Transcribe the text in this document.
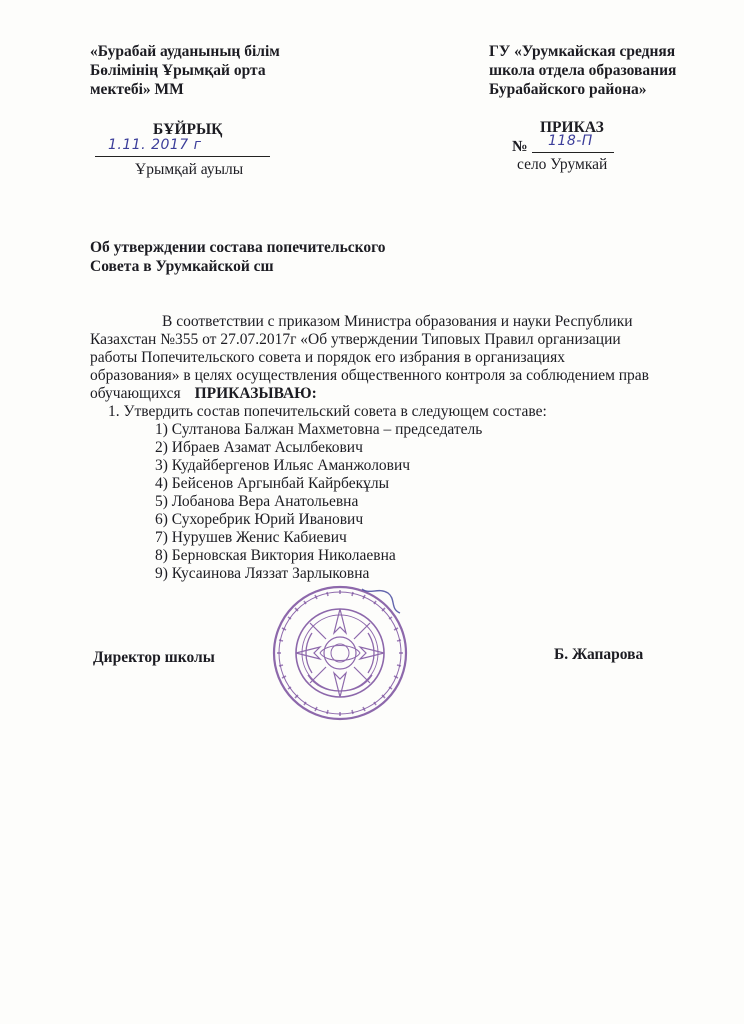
«Бурабай ауданының білім
Бөлімінің Ұрымқай орта
мектебі» ММ
ГУ «Урумкайская средняя
школа отдела образования
Бурабайского района»
БҰЙРЫҚ
1.11. 2017 г
Ұрымқай ауылы
ПРИКАЗ
№ 118-П
село Урумкай
Об утверждении состава попечительского
Совета в Урумкайской сш

В соответствии с приказом Министра образования и науки Республики

Казахстан №355 от 27.07.2017г «Об утверждении Типовых Правил организации

работы Попечительского совета и порядок его избрания в организациях

образования» в целях осуществления общественного контроля за соблюдением прав

обучающихся ПРИКАЗЫВАЮ:

1. Утвердить состав попечительский совета в следующем составе:

1) Султанова Балжан Махметовна – председатель
2) Ибраев Азамат Асылбекович
3) Кудайбергенов Ильяс Аманжолович
4) Бейсенов Аргынбай Кайрбекұлы
5) Лобанова Вера Анатольевна
6) Сухоребрик Юрий Иванович
7) Нурушев Женис Кабиевич
8) Берновская Виктория Николаевна
9) Кусаинова Ляззат Зарлыковна
Директор школы	Б. Жапарова
